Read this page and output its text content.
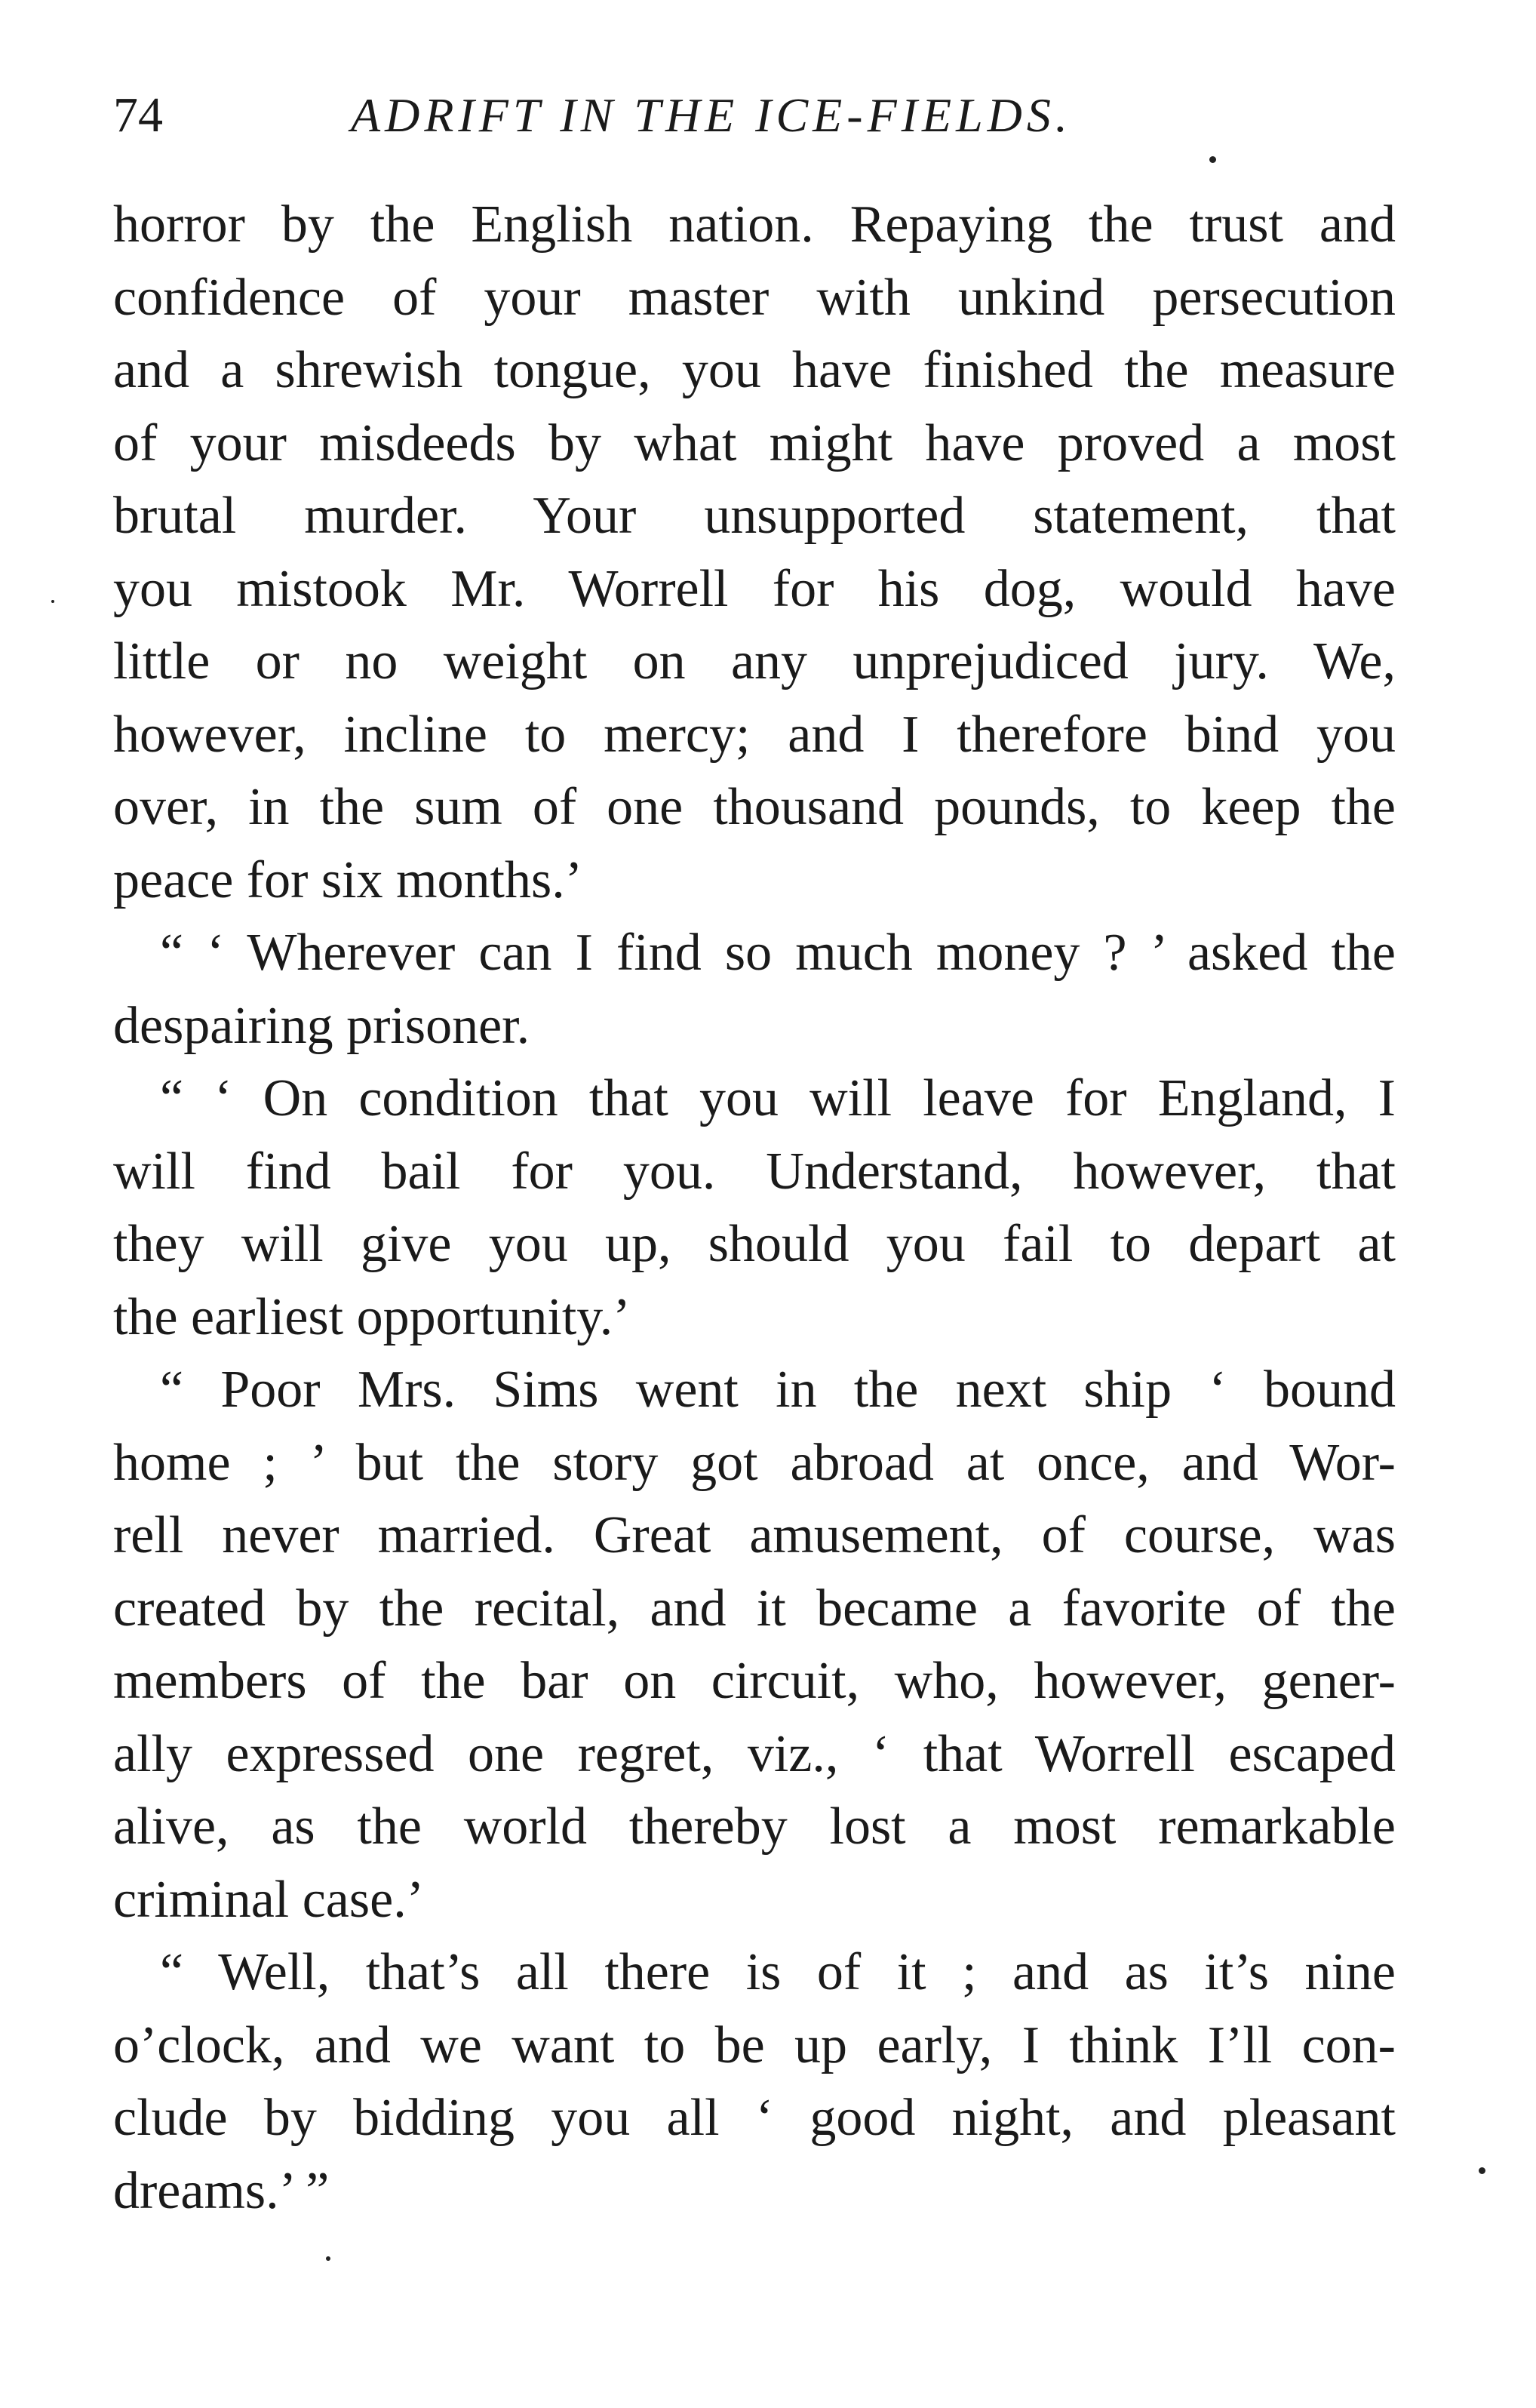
74	ADRIFT IN THE ICE-FIELDS.
horror by the English nation. Repaying the trust and
confidence of your master with unkind persecution
and a shrewish tongue, you have finished the measure
of your misdeeds by what might have proved a most
brutal murder. Your unsupported statement, that
you mistook Mr. Worrell for his dog, would have
little or no weight on any unprejudiced jury. We,
however, incline to mercy; and I therefore bind you
over, in the sum of one thousand pounds, to keep the
peace for six months.’
“ ‘ Wherever can I find so much money ? ’ asked the
despairing prisoner.
“ ‘ On condition that you will leave for England, I
will find bail for you. Understand, however, that
they will give you up, should you fail to depart at
the earliest opportunity.’
“ Poor Mrs. Sims went in the next ship ‘ bound
home ; ’ but the story got abroad at once, and Wor-
rell never married. Great amusement, of course, was
created by the recital, and it became a favorite of the
members of the bar on circuit, who, however, gener-
ally expressed one regret, viz., ‘ that Worrell escaped
alive, as the world thereby lost a most remarkable
criminal case.’
“ Well, that’s all there is of it ; and as it’s nine
o’clock, and we want to be up early, I think I’ll con-
clude by bidding you all ‘ good night, and pleasant
dreams.’ ”
